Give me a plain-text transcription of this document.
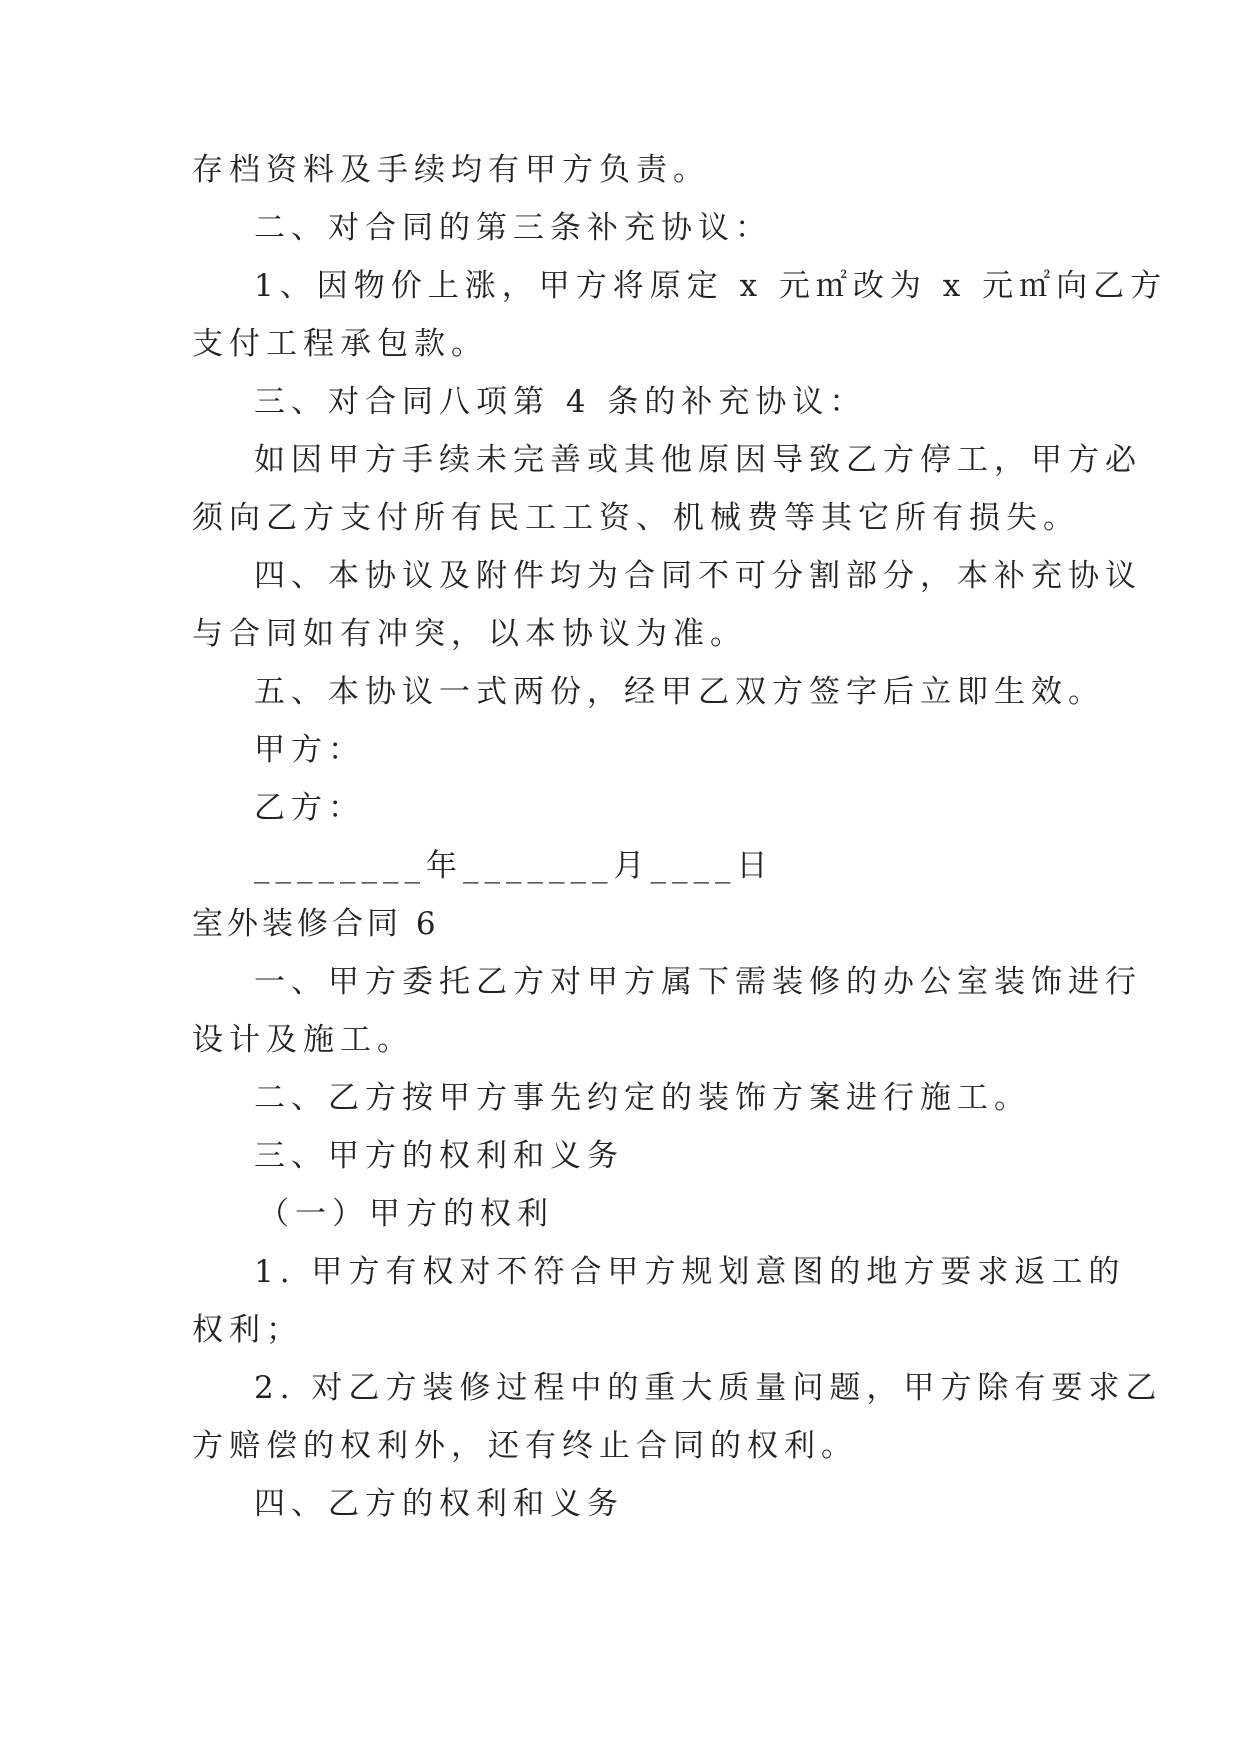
存档资料及手续均有甲方负责。
二、对合同的第三条补充协议：
1、因物价上涨，甲方将原定 x 元㎡改为 x 元㎡向乙方
支付工程承包款。
三、对合同八项第 4 条的补充协议：
如因甲方手续未完善或其他原因导致乙方停工，甲方必
须向乙方支付所有民工工资、机械费等其它所有损失。
四、本协议及附件均为合同不可分割部分，本补充协议
与合同如有冲突，以本协议为准。
五、本协议一式两份，经甲乙双方签字后立即生效。
甲方：
乙方：
________年_______月____日
室外装修合同 6
一、甲方委托乙方对甲方属下需装修的办公室装饰进行
设计及施工。
二、乙方按甲方事先约定的装饰方案进行施工。
三、甲方的权利和义务
（一）甲方的权利
1. 甲方有权对不符合甲方规划意图的地方要求返工的
权利；
2. 对乙方装修过程中的重大质量问题，甲方除有要求乙
方赔偿的权利外，还有终止合同的权利。
四、乙方的权利和义务
